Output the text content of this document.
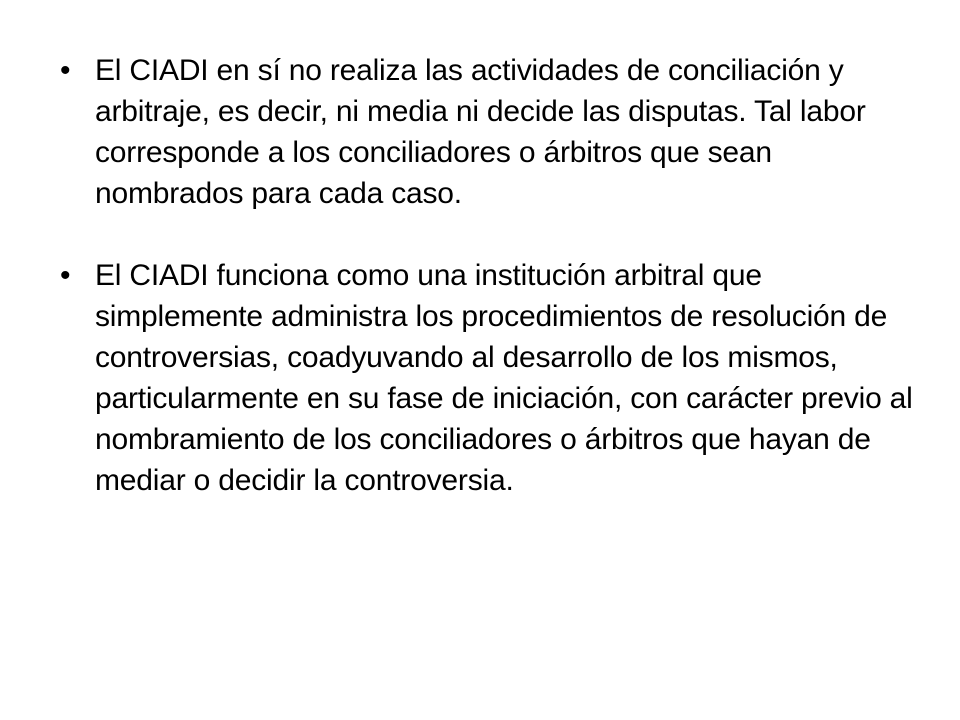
• El CIADI en sí no realiza las actividades de conciliación y arbitraje, es decir, ni media ni decide las disputas. Tal labor corresponde a los conciliadores o árbitros que sean nombrados para cada caso.
• El CIADI funciona como una institución arbitral que simplemente administra los procedimientos de resolución de controversias, coadyuvando al desarrollo de los mismos, particularmente en su fase de iniciación, con carácter previo al nombramiento de los conciliadores o árbitros que hayan de mediar o decidir la controversia.
